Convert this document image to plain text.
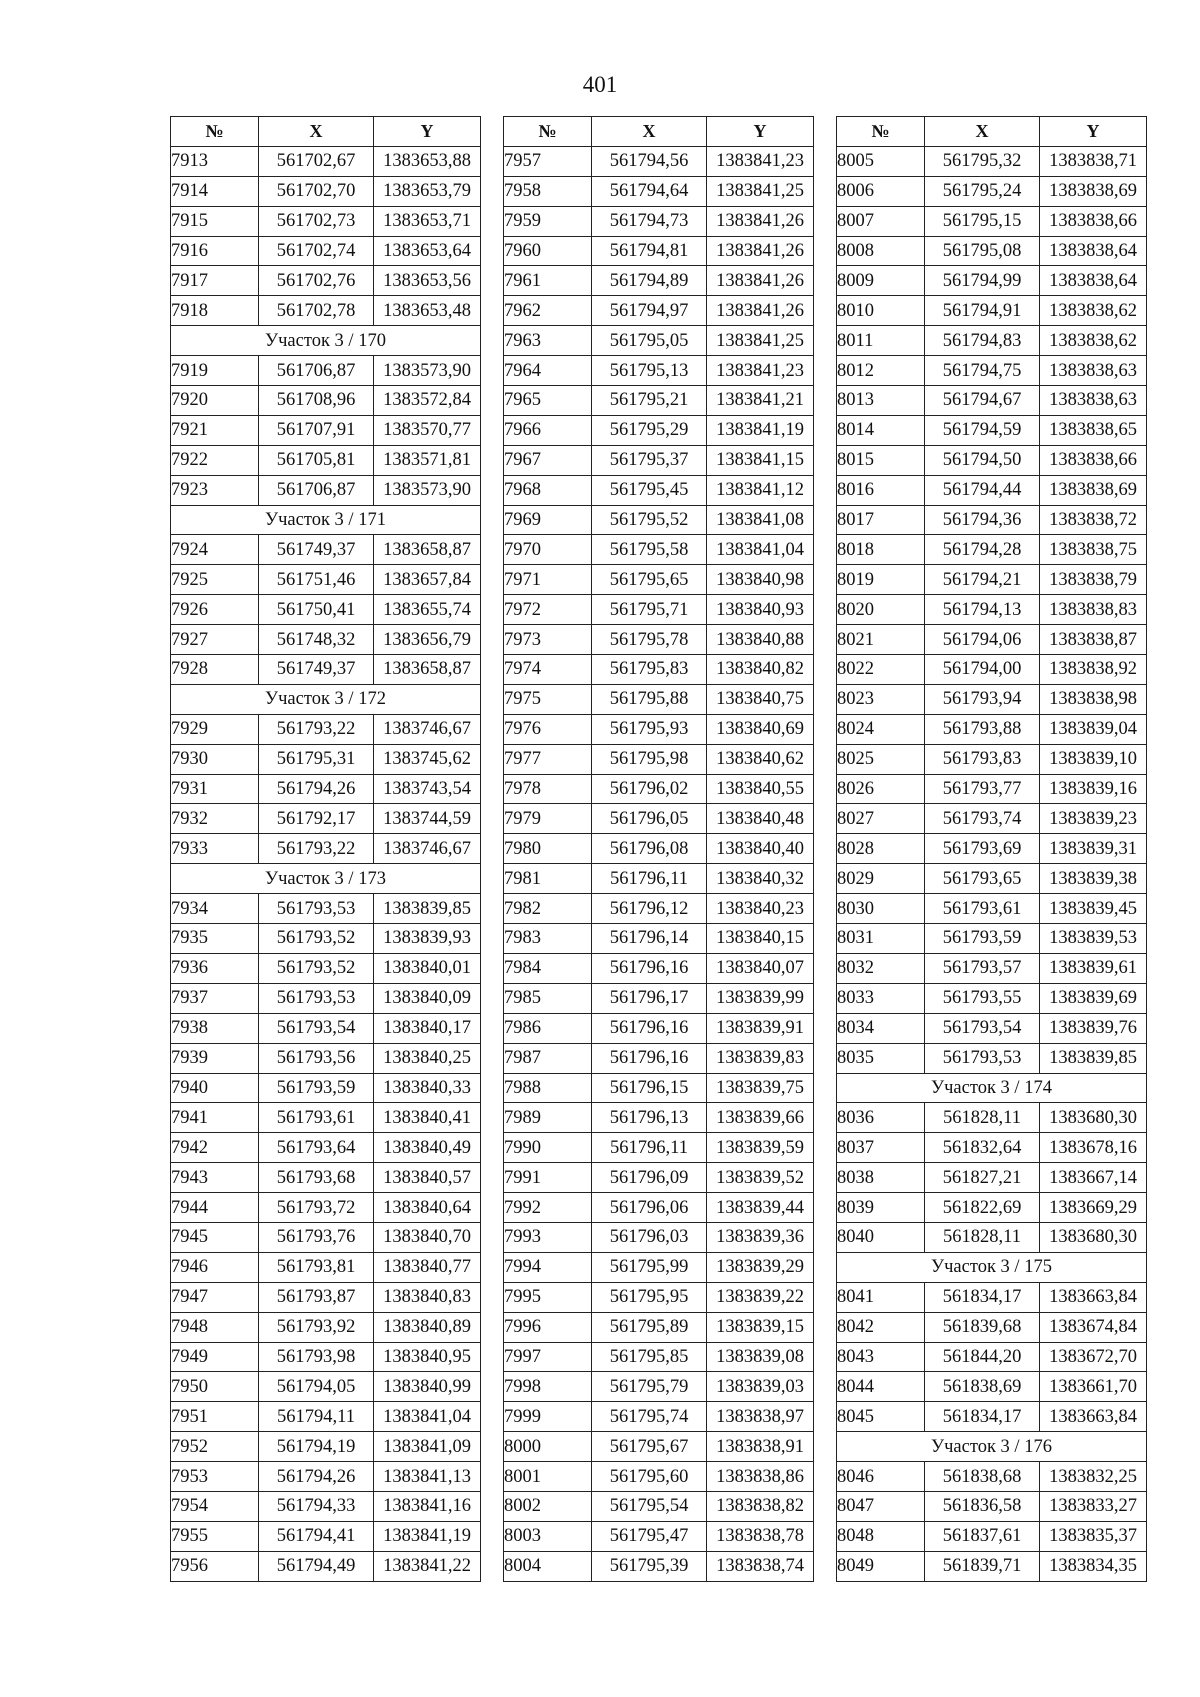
401
№	X	Y
7913	561702,67	1383653,88
7914	561702,70	1383653,79
7915	561702,73	1383653,71
7916	561702,74	1383653,64
7917	561702,76	1383653,56
7918	561702,78	1383653,48
Участок 3 / 170		
7919	561706,87	1383573,90
7920	561708,96	1383572,84
7921	561707,91	1383570,77
7922	561705,81	1383571,81
7923	561706,87	1383573,90
Участок 3 / 171		
7924	561749,37	1383658,87
7925	561751,46	1383657,84
7926	561750,41	1383655,74
7927	561748,32	1383656,79
7928	561749,37	1383658,87
Участок 3 / 172		
7929	561793,22	1383746,67
7930	561795,31	1383745,62
7931	561794,26	1383743,54
7932	561792,17	1383744,59
7933	561793,22	1383746,67
Участок 3 / 173		
7934	561793,53	1383839,85
7935	561793,52	1383839,93
7936	561793,52	1383840,01
7937	561793,53	1383840,09
7938	561793,54	1383840,17
7939	561793,56	1383840,25
7940	561793,59	1383840,33
7941	561793,61	1383840,41
7942	561793,64	1383840,49
7943	561793,68	1383840,57
7944	561793,72	1383840,64
7945	561793,76	1383840,70
7946	561793,81	1383840,77
7947	561793,87	1383840,83
7948	561793,92	1383840,89
7949	561793,98	1383840,95
7950	561794,05	1383840,99
7951	561794,11	1383841,04
7952	561794,19	1383841,09
7953	561794,26	1383841,13
7954	561794,33	1383841,16
7955	561794,41	1383841,19
7956	561794,49	1383841,22
№	X	Y
7957	561794,56	1383841,23
7958	561794,64	1383841,25
7959	561794,73	1383841,26
7960	561794,81	1383841,26
7961	561794,89	1383841,26
7962	561794,97	1383841,26
7963	561795,05	1383841,25
7964	561795,13	1383841,23
7965	561795,21	1383841,21
7966	561795,29	1383841,19
7967	561795,37	1383841,15
7968	561795,45	1383841,12
7969	561795,52	1383841,08
7970	561795,58	1383841,04
7971	561795,65	1383840,98
7972	561795,71	1383840,93
7973	561795,78	1383840,88
7974	561795,83	1383840,82
7975	561795,88	1383840,75
7976	561795,93	1383840,69
7977	561795,98	1383840,62
7978	561796,02	1383840,55
7979	561796,05	1383840,48
7980	561796,08	1383840,40
7981	561796,11	1383840,32
7982	561796,12	1383840,23
7983	561796,14	1383840,15
7984	561796,16	1383840,07
7985	561796,17	1383839,99
7986	561796,16	1383839,91
7987	561796,16	1383839,83
7988	561796,15	1383839,75
7989	561796,13	1383839,66
7990	561796,11	1383839,59
7991	561796,09	1383839,52
7992	561796,06	1383839,44
7993	561796,03	1383839,36
7994	561795,99	1383839,29
7995	561795,95	1383839,22
7996	561795,89	1383839,15
7997	561795,85	1383839,08
7998	561795,79	1383839,03
7999	561795,74	1383838,97
8000	561795,67	1383838,91
8001	561795,60	1383838,86
8002	561795,54	1383838,82
8003	561795,47	1383838,78
8004	561795,39	1383838,74
№	X	Y
8005	561795,32	1383838,71
8006	561795,24	1383838,69
8007	561795,15	1383838,66
8008	561795,08	1383838,64
8009	561794,99	1383838,64
8010	561794,91	1383838,62
8011	561794,83	1383838,62
8012	561794,75	1383838,63
8013	561794,67	1383838,63
8014	561794,59	1383838,65
8015	561794,50	1383838,66
8016	561794,44	1383838,69
8017	561794,36	1383838,72
8018	561794,28	1383838,75
8019	561794,21	1383838,79
8020	561794,13	1383838,83
8021	561794,06	1383838,87
8022	561794,00	1383838,92
8023	561793,94	1383838,98
8024	561793,88	1383839,04
8025	561793,83	1383839,10
8026	561793,77	1383839,16
8027	561793,74	1383839,23
8028	561793,69	1383839,31
8029	561793,65	1383839,38
8030	561793,61	1383839,45
8031	561793,59	1383839,53
8032	561793,57	1383839,61
8033	561793,55	1383839,69
8034	561793,54	1383839,76
8035	561793,53	1383839,85
Участок 3 / 174		
8036	561828,11	1383680,30
8037	561832,64	1383678,16
8038	561827,21	1383667,14
8039	561822,69	1383669,29
8040	561828,11	1383680,30
Участок 3 / 175		
8041	561834,17	1383663,84
8042	561839,68	1383674,84
8043	561844,20	1383672,70
8044	561838,69	1383661,70
8045	561834,17	1383663,84
Участок 3 / 176		
8046	561838,68	1383832,25
8047	561836,58	1383833,27
8048	561837,61	1383835,37
8049	561839,71	1383834,35
